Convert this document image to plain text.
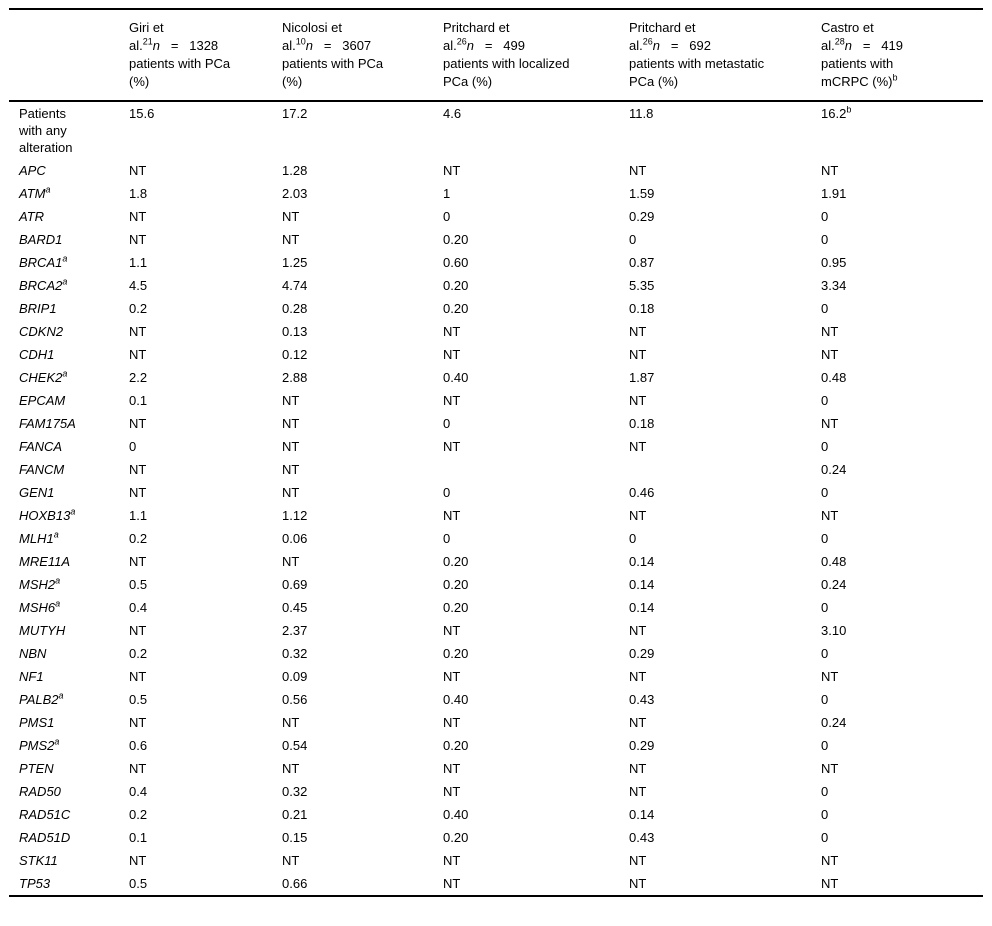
	Giri et
al.$^{21}$n   =   1328
patients with PCa
(%)	Nicolosi et
al.$^{10}$n   =   3607
patients with PCa
(%)	Pritchard et
al.$^{26}$n   =   499
patients with localized
PCa (%)	Pritchard et
al.$^{26}$n   =   692
patients with metastatic
PCa (%)	Castro et
al.$^{28}$n   =   419
patients with
mCRPC (%)$^b$
Patients with any alteration	15.6	17.2	4.6	11.8	16.2$^b$
APC	NT	1.28	NT	NT	NT
ATM$^a$	1.8	2.03	1	1.59	1.91
ATR	NT	NT	0	0.29	0
BARD1	NT	NT	0.20	0	0
BRCA1$^a$	1.1	1.25	0.60	0.87	0.95
BRCA2$^a$	4.5	4.74	0.20	5.35	3.34
BRIP1	0.2	0.28	0.20	0.18	0
CDKN2	NT	0.13	NT	NT	NT
CDH1	NT	0.12	NT	NT	NT
CHEK2$^a$	2.2	2.88	0.40	1.87	0.48
EPCAM	0.1	NT	NT	NT	0
FAM175A	NT	NT	0	0.18	NT
FANCA	0	NT	NT	NT	0
FANCM	NT	NT			0.24
GEN1	NT	NT	0	0.46	0
HOXB13$^a$	1.1	1.12	NT	NT	NT
MLH1$^a$	0.2	0.06	0	0	0
MRE11A	NT	NT	0.20	0.14	0.48
MSH2$^a$	0.5	0.69	0.20	0.14	0.24
MSH6$^a$	0.4	0.45	0.20	0.14	0
MUTYH	NT	2.37	NT	NT	3.10
NBN	0.2	0.32	0.20	0.29	0
NF1	NT	0.09	NT	NT	NT
PALB2$^a$	0.5	0.56	0.40	0.43	0
PMS1	NT	NT	NT	NT	0.24
PMS2$^a$	0.6	0.54	0.20	0.29	0
PTEN	NT	NT	NT	NT	NT
RAD50	0.4	0.32	NT	NT	0
RAD51C	0.2	0.21	0.40	0.14	0
RAD51D	0.1	0.15	0.20	0.43	0
STK11	NT	NT	NT	NT	NT
TP53	0.5	0.66	NT	NT	NT
